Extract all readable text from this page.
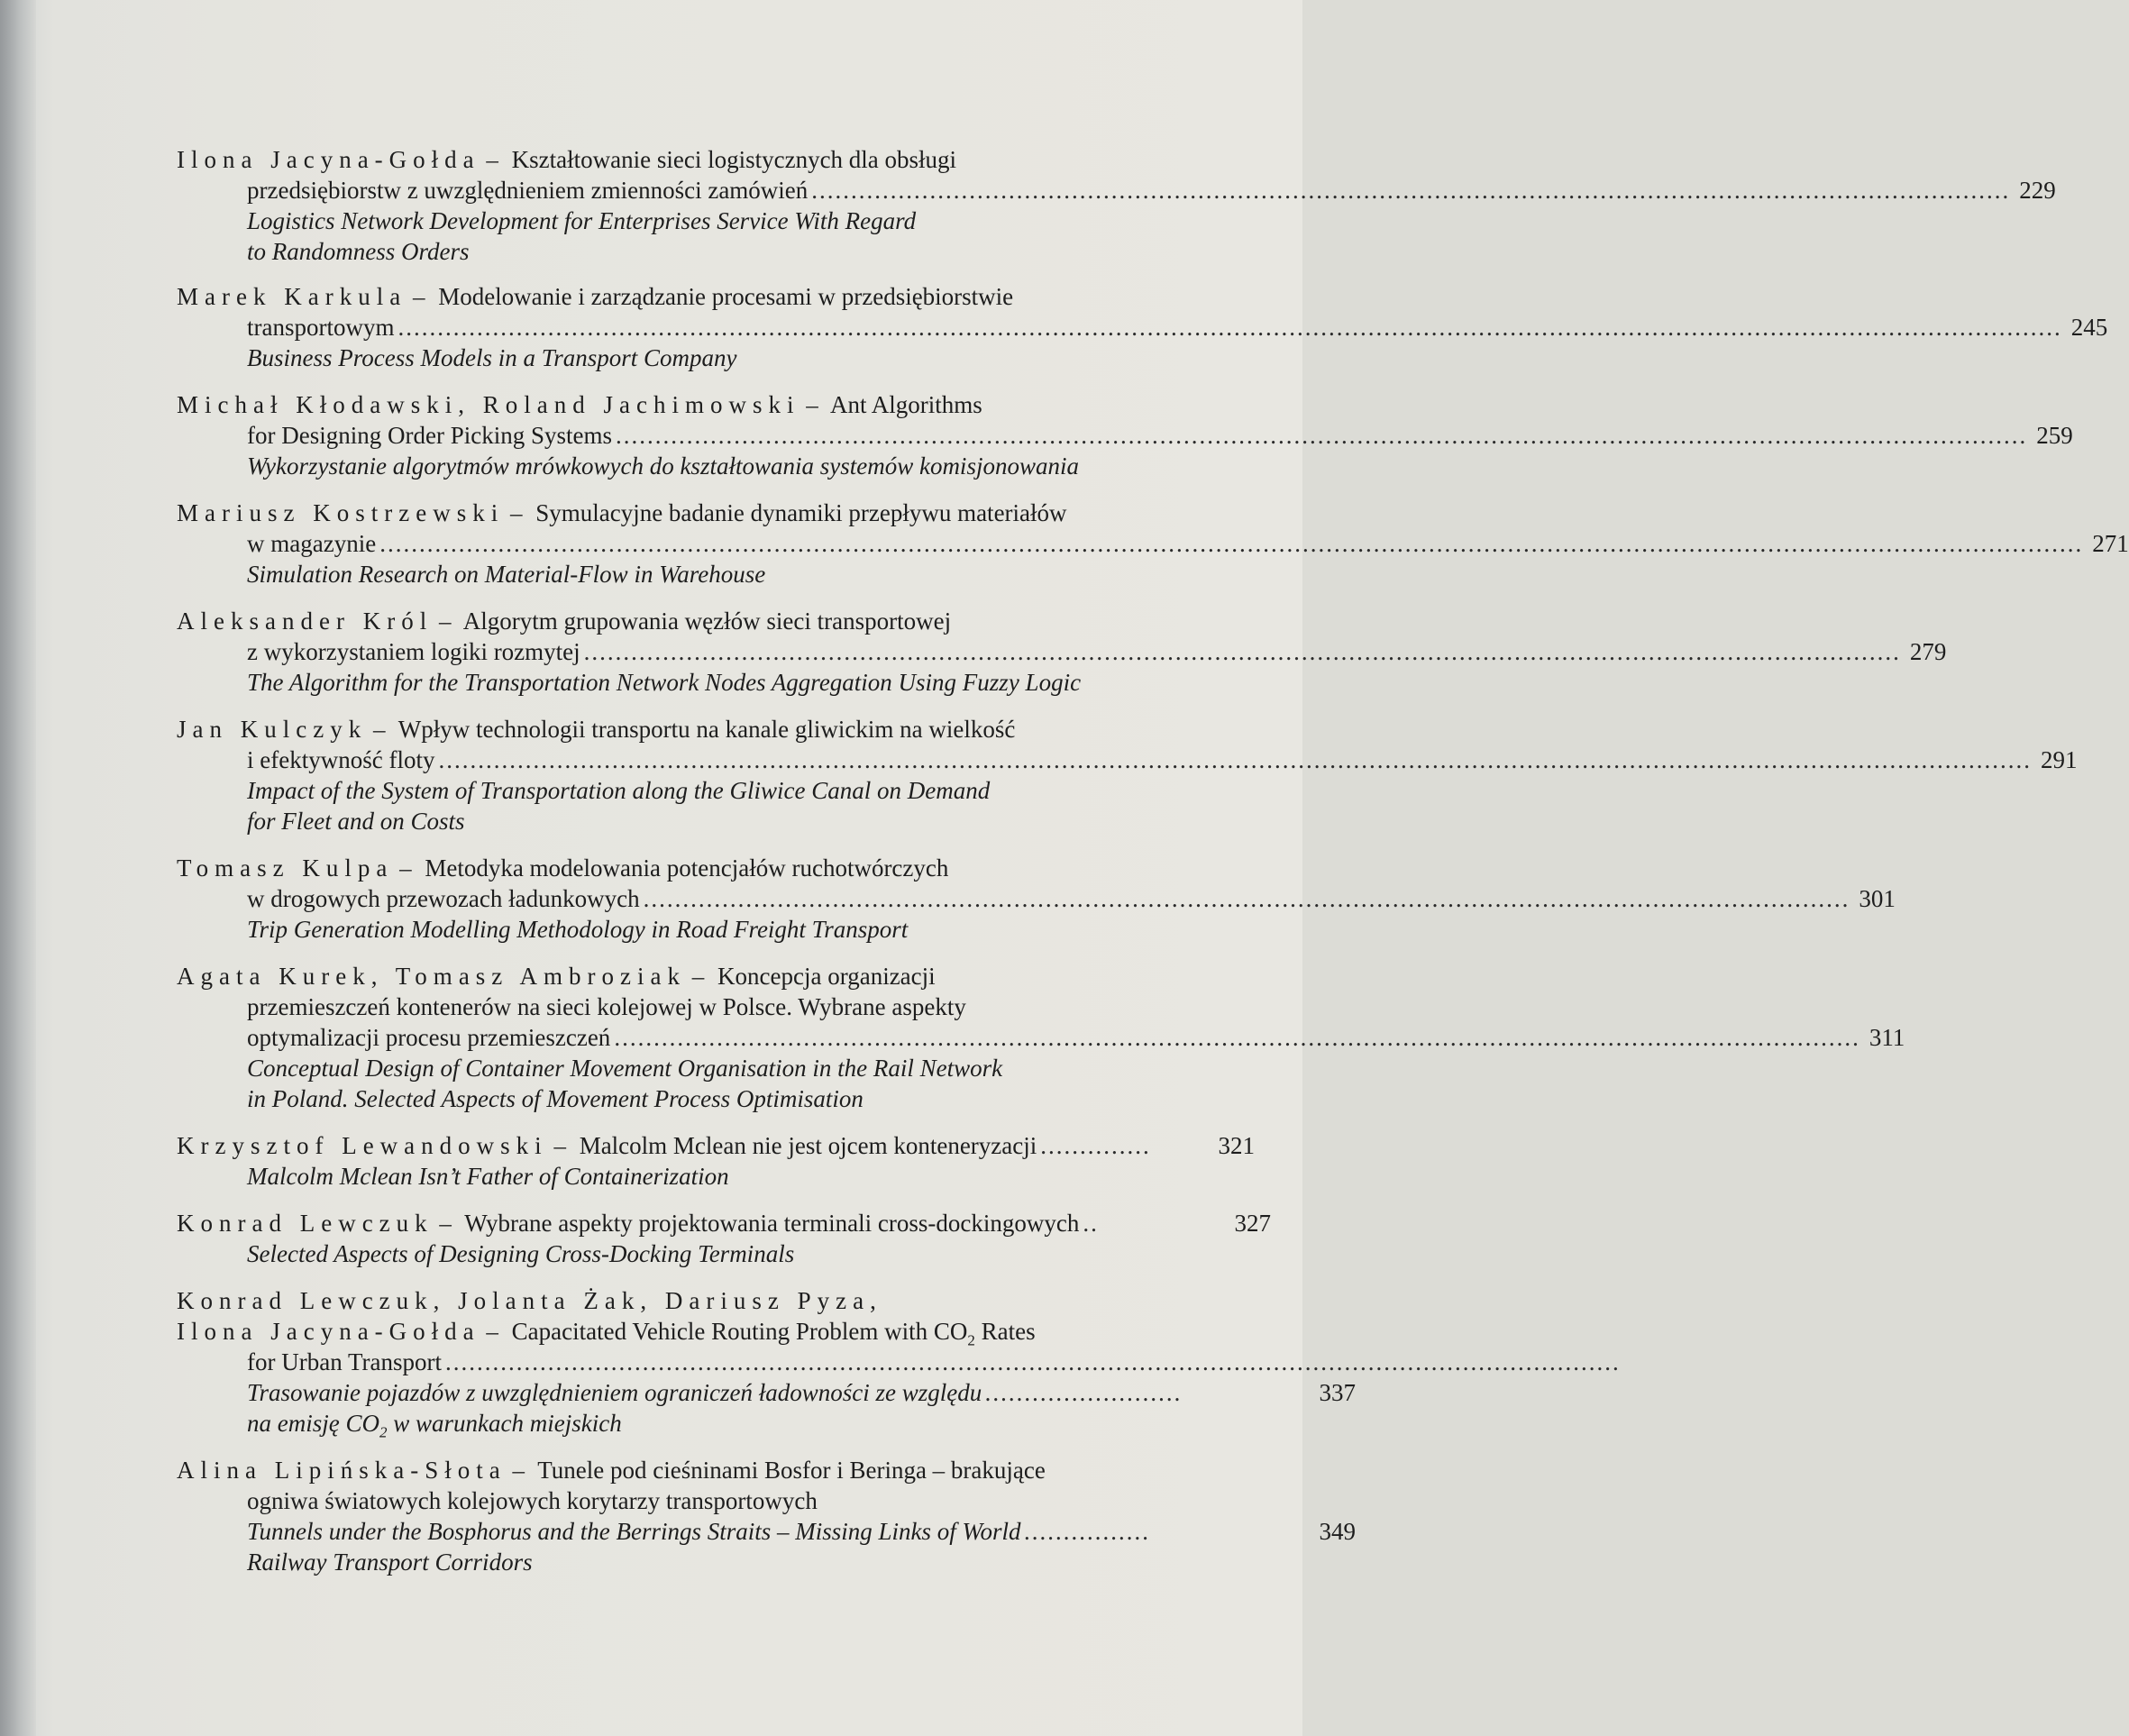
Ilona Jacyna-Gołda – Kształtowanie sieci logistycznych dla obsługi
przedsiębiorstw z uwzględnieniem zmienności zamówień ........................................................................................................................................................ 229
Logistics Network Development for Enterprises Service With Regard
to Randomness Orders
Marek Karkula – Modelowanie i zarządzanie procesami w przedsiębiorstwie
transportowym ................................................................................................................................................................................................................... 245
Business Process Models in a Transport Company
Michał Kłodawski, Roland Jachimowski – Ant Algorithms
for Designing Order Picking Systems ................................................................................................................................................................................... 259
Wykorzystanie algorytmów mrówkowych do kształtowania systemów komisjonowania
Mariusz Kostrzewski – Symulacyjne badanie dynamiki przepływu materiałów
w magazynie ........................................................................................................................................................................................................................ 271
Simulation Research on Material-Flow in Warehouse
Aleksander Król – Algorytm grupowania węzłów sieci transportowej
z wykorzystaniem logiki rozmytej ....................................................................................................................................................................... 279
The Algorithm for the Transportation Network Nodes Aggregation Using Fuzzy Logic
Jan Kulczyk – Wpływ technologii transportu na kanale gliwickim na wielkość
i efektywność floty .......................................................................................................................................................................................................... 291
Impact of the System of Transportation along the Gliwice Canal on Demand
for Fleet and on Costs
Tomasz Kulpa – Metodyka modelowania potencjałów ruchotwórczych
w drogowych przewozach ładunkowych ......................................................................................................................................................... 301
Trip Generation Modelling Methodology in Road Freight Transport
Agata Kurek, Tomasz Ambroziak – Koncepcja organizacji
przemieszczeń kontenerów na sieci kolejowej w Polsce. Wybrane aspekty
optymalizacji procesu przemieszczeń .............................................................................................................................................................. 311
Conceptual Design of Container Movement Organisation in the Rail Network
in Poland. Selected Aspects of Movement Process Optimisation
Krzysztof Lewandowski – Malcolm Mclean nie jest ojcem konteneryzacji ..............	321
Malcolm Mclean Isn’t Father of Containerization
Konrad Lewczuk – Wybrane aspekty projektowania terminali cross-dockingowych ..	327
Selected Aspects of Designing Cross-Docking Terminals
Konrad Lewczuk, Jolanta Żak, Dariusz Pyza,
Ilona Jacyna-Gołda – Capacitated Vehicle Routing Problem with $CO_2$ Rates
for Urban Transport .....................................................................................................................................................
Trasowanie pojazdów z uwzględnieniem ograniczeń ładowności ze względu .........................	337
na emisję $CO_2$ w warunkach miejskich
Alina Lipińska-Słota – Tunele pod cieśninami Bosfor i Beringa – brakujące
ogniwa światowych kolejowych korytarzy transportowych
Tunnels under the Bosphorus and the Berrings Straits – Missing Links of World ................	349
Railway Transport Corridors
